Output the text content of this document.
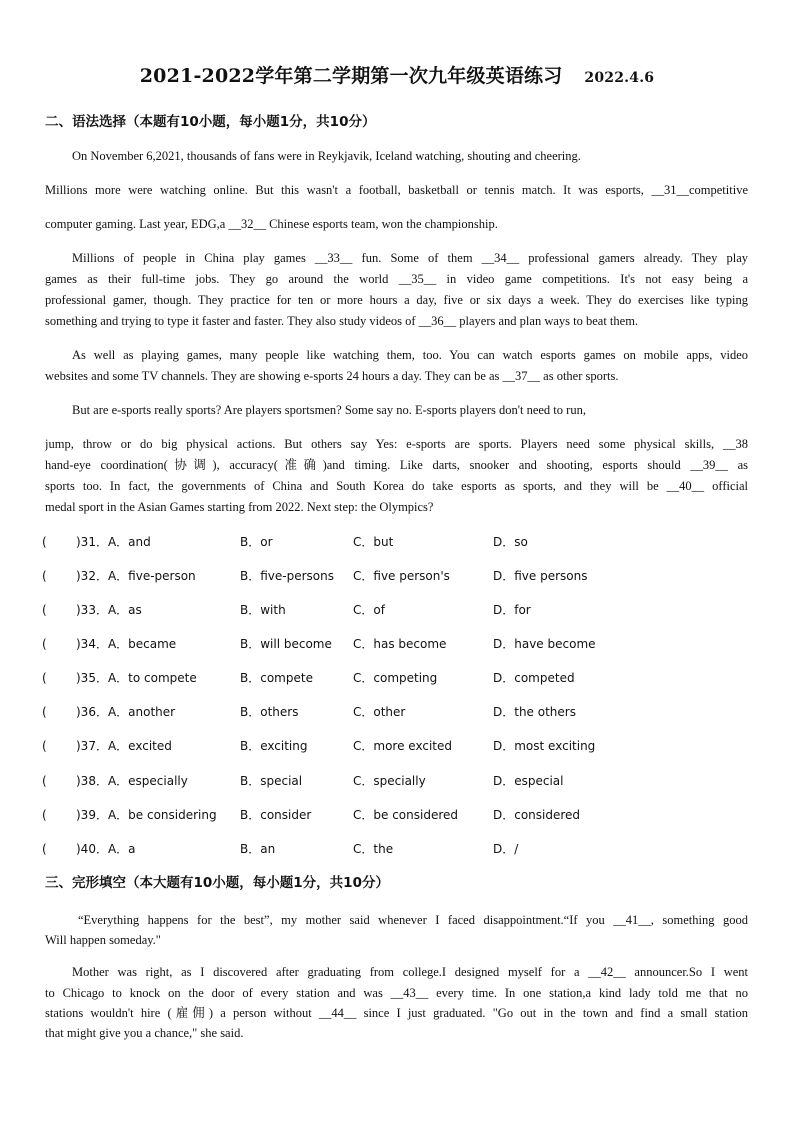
2021-2022学年第二学期第一次九年级英语练习 2022.4.6
二、语法选择（本题有10小题，每小题1分，共10分）
On November 6,2021, thousands of fans were in Reykjavik, Iceland watching, shouting and cheering.
Millions more were watching online. But this wasn't a football, basketball or tennis match. It was esports, __31__competitive
computer gaming. Last year, EDG,a __32__ Chinese esports team, won the championship.
Millions of people in China play games __33__ fun. Some of them __34__ professional gamers already. They play
games as their full-time jobs. They go around the world __35__ in video game competitions. It's not easy being a
professional gamer, though. They practice for ten or more hours a day, five or six days a week. They do exercises like typing
something and trying to type it faster and faster. They also study videos of __36__ players and plan ways to beat them.
As well as playing games, many people like watching them, too. You can watch esports games on mobile apps, video
websites and some TV channels. They are showing e-sports 24 hours a day. They can be as __37__ as other sports.
But are e-sports really sports? Are players sportsmen? Some say no. E-sports players don't need to run,
jump, throw or do big physical actions. But others say Yes: e-sports are sports. Players need some physical skills, __38
hand-eye coordination(协调), accuracy(准确)and timing. Like darts, snooker and shooting, esports should __39__ as
sports too. In fact, the governments of China and South Korea do take esports as sports, and they will be __40__ official
medal sport in the Asian Games starting from 2022. Next step: the Olympics?
( )31．A．and	B．or	C．but	D．so
( )32．A．five-person	B．five-persons C．five person's	D．five persons
( )33．A．as	B．with	C．of	D．for
( )34．A．became	B．will become C．has become	D．have become
( )35．A．to compete	B．compete	C．competing	D．competed
( )36．A．another	B．others	C．other	D．the others
( )37．A．excited	B．exciting	C．more excited	D．most exciting
( )38．A．especially	B．special	C．specially	D．especial
( )39．A．be considering B．consider	C．be considered	D．considered
( )40．A．a	B．an	C．the	D．/
三、完形填空（本大题有10小题，每小题1分，共10分）
“Everything happens for the best”, my mother said whenever I faced disappointment.“If you __41__, something good
Will happen someday."
Mother was right, as I discovered after graduating from college.I designed myself for a __42__ announcer.So I went
to Chicago to knock on the door of every station and was __43__ every time. In one station,a kind lady told me that no
stations wouldn't hire (雇佣) a person without __44__ since I just graduated. "Go out in the town and find a small station
that might give you a chance," she said.
